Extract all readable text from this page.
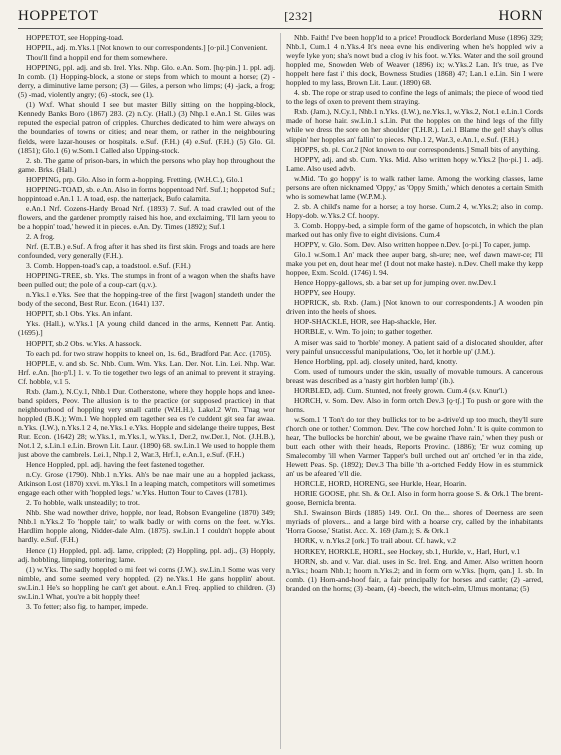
HOPPETOT	[232]	HORN

HOPPETOT, see Hopping-toad.

HOPPIL, adj. m.Yks.1 [Not known to our correspondents.] [o·pil.] Convenient.

Thou'll find a hoppil end for them somewhere.

HOPPING, ppl. adj. and sb. Irel. Yks. Nhp. Glo. e.An. Som. [hǫ·pin.] 1. ppl. adj. In comb. (1) Hopping-block, a stone or steps from which to mount a horse; (2) -derry, a diminutive lame person; (3) — Giles, a person who limps; (4) -jack, a frog; (5) -mad, violently angry; (6) -stock, see (1).

(1) Wxf. What should I see but master Billy sitting on the hopping-block, Kennedy Banks Boro (1867) 283. (2) n.Cy. (Hall.) (3) Nhp.1 e.An.1 St. Giles was reputed the especial patron of cripples. Churches dedicated to him were always on the boundaries of towns or cities; and near them, or rather in the neighbouring fields, were lazar-houses or hospitals. e.Suf. (F.H.) (4) e.Suf. (F.H.) (5) Glo. Gl. (1851); Glo.1 (6) w.Som.1 Called also Upping-stock.

2. sb. The game of prison-bars, in which the persons who play hop throughout the game. Brks. (Hall.)

HOPPING, prp. Glo. Also in form a-hopping. Fretting. (W.H.C.), Glo.1

HOPPING-TOAD, sb. e.An. Also in forms hoppentoad Nrf. Suf.1; hoppetod Suf.; hoppintoad e.An.1 1. A toad, esp. the natterjack, Bufo calamita.

e.An.1 Nrf. Cozens-Hardy Broad Nrf. (1893) 7. Suf. A toad crawled out of the flowers, and the gardener promptly raised his hoe, and exclaiming, 'I'll larn yeou to be a hoppin' toad,' hewed it in pieces. e.An. Dy. Times (1892); Suf.1

2. A frog.

Nrf. (E.T.B.) e.Suf. A frog after it has shed its first skin. Frogs and toads are here confounded, very generally (F.H.).

3. Comb. Hoppen-toad's cap, a toadstool. e.Suf. (F.H.)

HOPPING-TREE, sb. Yks. The stumps in front of a wagon when the shafts have been pulled out; the pole of a coup-cart (q.v.).

n.Yks.1 e.Yks. See that the hopping-tree of the first [wagon] standeth under the body of the second, Best Rur. Econ. (1641) 137.

HOPPIT, sb.1 Obs. Yks. An infant.

Yks. (Hall.), w.Yks.1 [A young child danced in the arms, Kennett Par. Antiq. (1695).]

HOPPIT, sb.2 Obs. w.Yks. A hassock.

To each pd. for two straw hoppits to kneel on, 1s. 6d., Bradford Par. Acc. (1705).

HOPPLE, v. and sb. Sc. Nhb. Cum. Wm. Yks. Lan. Der. Not. Lin. Lei. Nhp. War. Hrf. e.An. [ho·p'l.] 1. v. To tie together two legs of an animal to prevent it straying. Cf. hobble, v.1 5.

Rxb. (Jam.), N.Cy.1, Nhb.1 Dur. Cotherstone, where they hopple hops and knee-band spiders, Peov. The allusion is to the practice (or supposed practice) in that neighbourhood of hoppling very small cattle (W.H.H.). Lakel.2 Wm. T'nag wor hoppled (B.K.); Wm.1 We hoppled em tagether sea es t'e cuddent git sea far awaa. n.Yks. (I.W.), n.Yks.1 2 4, ne.Yks.1 e.Yks. Hopple and sidelange theire tuppes, Best Rur. Econ. (1642) 28; w.Yks.1, m.Yks.1, w.Yks.1, Der.2, nw.Der.1, Not. (J.H.B.), Not.1 2, s.Lin.1 e.Lin. Brown Lit. Laur. (1890) 68. sw.Lin.1 We used to hopple them just above the cambrels. Lei.1, Nhp.1 2, War.3, Hrf.1, e.An.1, e.Suf. (F.H.)

Hence Hoppled, ppl. adj. having the feet fastened together.

n.Cy. Grose (1790). Nhb.1 n.Yks. Ah's be nae mair une au a hoppled jackass, Atkinson Lost (1870) xxvi. m.Yks.1 In a leaping match, competitors will sometimes engage each other with 'hoppled legs.' w.Yks. Hutton Tour to Caves (1781).

2. To hobble, walk unsteadily; to trot.

Nhb. She wad nowther drive, hopple, nor lead, Robson Evangeline (1870) 349; Nhb.1 n.Yks.2 To 'hopple tair,' to walk badly or with corns on the feet. w.Yks. Hardlim hopple along, Nidder-dale Alm. (1875). sw.Lin.1 I couldn't hopple about hardly. e.Suf. (F.H.)

Hence (1) Hoppled, ppl. adj. lame, crippled; (2) Hoppling, ppl. adj., (3) Hopply, adj. hobbling, limping, tottering; lame.

(1) w.Yks. The sadly hoppled o mi feet wi corns (J.W.). sw.Lin.1 Some was very nimble, and some seemed very hoppled. (2) ne.Yks.1 He gans hopplin' about. sw.Lin.1 He's so hoppling he can't get about. e.An.1 Freq. applied to children. (3) sw.Lin.1 What, you're a bit hopply thee!

3. To fetter; also fig. to hamper, impede.

Nhb. Faith! I've been hopp'ld to a price! Proudlock Borderland Muse (1896) 329; Nhb.1, Cum.1 4 n.Yks.4 It's neea evne his endivering when he's hoppled wiv a weyfe lyke yon; sha's nowt bud a clog iv his foot. w.Yks. Water and the soil ground hoppled me, Snowden Web of Weaver (1896) ix; w.Yks.2 Lan. It's true, as I've hoppelt here fast i' this dock, Bowness Studies (1868) 47; Lan.1 e.Lin. Sin I were hoppled to my lass, Brown Lit. Laur. (1890) 68.

4. sb. The rope or strap used to confine the legs of animals; the piece of wood tied to the legs of oxen to prevent them straying.

Rxb. (Jam.), N.Cy.1, Nhb.1 n.Yks. (I.W.), ne.Yks.1, w.Yks.2, Not.1 e.Lin.1 Cords made of horse hair. sw.Lin.1 s.Lin. Put the hopples on the hind legs of the filly while we dress the sore on her shoulder (T.H.R.). Lei.1 Blame the gel! shay's ollus slippin' her hopples an' fallin' to pieces. Nhp.1 2, War.3, e.An.1, e.Suf. (F.H.)

HOPPS, sb. pl. Cor.2 [Not known to our correspondents.] Small bits of anything.

HOPPY, adj. and sb. Cum. Yks. Mid. Also written hopy w.Yks.2 [ho·pi.] 1. adj. Lame. Also used advb.

w.Mid. 'To go hoppy' is to walk rather lame. Among the working classes, lame persons are often nicknamed 'Oppy,' as 'Oppy Smith,' which denotes a certain Smith who is somewhat lame (W.P.M.).

2. sb. A child's name for a horse; a toy horse. Cum.2 4, w.Yks.2; also in comp. Hopy-dob. w.Yks.2 Cf. hoopy.

3. Comb. Hoppy-bed, a simple form of the game of hopscotch, in which the plan marked out has only five to eight divisions. Cum.4

HOPPY, v. Glo. Som. Dev. Also written hoppee n.Dev. [o·pi.] To caper, jump.

Glo.1 w.Som.1 An' mack thee auper barg, sh-ure; nee, wef dawn mawr-ce; I'll make you pet en, dout hear me! (I dout not make haste). n.Dev. Chell make thy kepp hoppee, Exm. Scold. (1746) l. 94.

Hence Hoppy-gallows, sb. a bar set up for jumping over. nw.Dev.1

HOPPY, see Houpy.

HOPRICK, sb. Rxb. (Jam.) [Not known to our correspondents.] A wooden pin driven into the heels of shoes.

HOP-SHACKLE, HOR, see Hap-shackle, Her.

HORBLE, v. Wm. To join; to gather together.

A miser was said to 'horble' money. A patient said of a dislocated shoulder, after very painful unsuccessful manipulations, 'Oo, let it horble up' (J.M.).

Hence Horbling, ppl. adj. closely united, hard, knotty.

Com. used of tumours under the skin, usually of movable tumours. A cancerous breast was described as a 'nasty girt horblen lump' (ib.).

HORBLED, adj. Cum. Stunted, not freely grown. Cum.4 (s.v. Knur'l.)

HORCH, v. Som. Dev. Also in form ortch Dev.3 [ǫ·tʃ.] To push or gore with the horns.

w.Som.1 'I Ton't do tor they bullicks tor to be a-drive'd up too much, they'll sure t'horch one or tother.' Common. Dev. 'The cow horched John.' It is quite common to hear, 'The bullocks be horchin' about, we be gwaine t'have rain,' when they push or butt each other with their heads, Reports Provinc. (1886); 'Er wuz coming up Smalecomby 'ill when Varmer Tapper's bull urched out an' ortched 'er in tha zide, Hewett Peas. Sp. (1892); Dev.3 Tha bille 'th a-ortched Feddy How in es stummick an' us be afeared 'e'll die.

HORCLE, HORD, HORENG, see Hurkle, Hear, Hoarin.

HORIE GOOSE, phr. Sh. & Or.I. Also in form horra goose S. & Ork.1 The brent-goose, Bernicla brenta.

Sh.I. Swainson Birds (1885) 149. Or.I. On the... shores of Deerness are seen myriads of plovers... and a large bird with a hoarse cry, called by the inhabitants 'Horra Goose,' Statist. Acc. X. 169 (Jam.); S. & Ork.1

HORK, v. n.Yks.2 [ork.] To trail about. Cf. hawk, v.2

HORKEY, HORKLE, HORL, see Hockey, sb.1, Hurkle, v., Harl, Hurl, v.1

HORN, sb. and v. Var. dial. uses in Sc. Irel. Eng. and Amer. Also written hoorn n.Yks.; hoarn Nhb.1; hoorn n.Yks.2; and in form orn w.Yks. [hǫrn, ǫan.] 1. sb. In comb. (1) Horn-and-hoof fair, a fair principally for horses and cattle; (2) -arred, branded on the horns; (3) -beam, (4) -beech, the witch-elm, Ulmus montana; (5)
